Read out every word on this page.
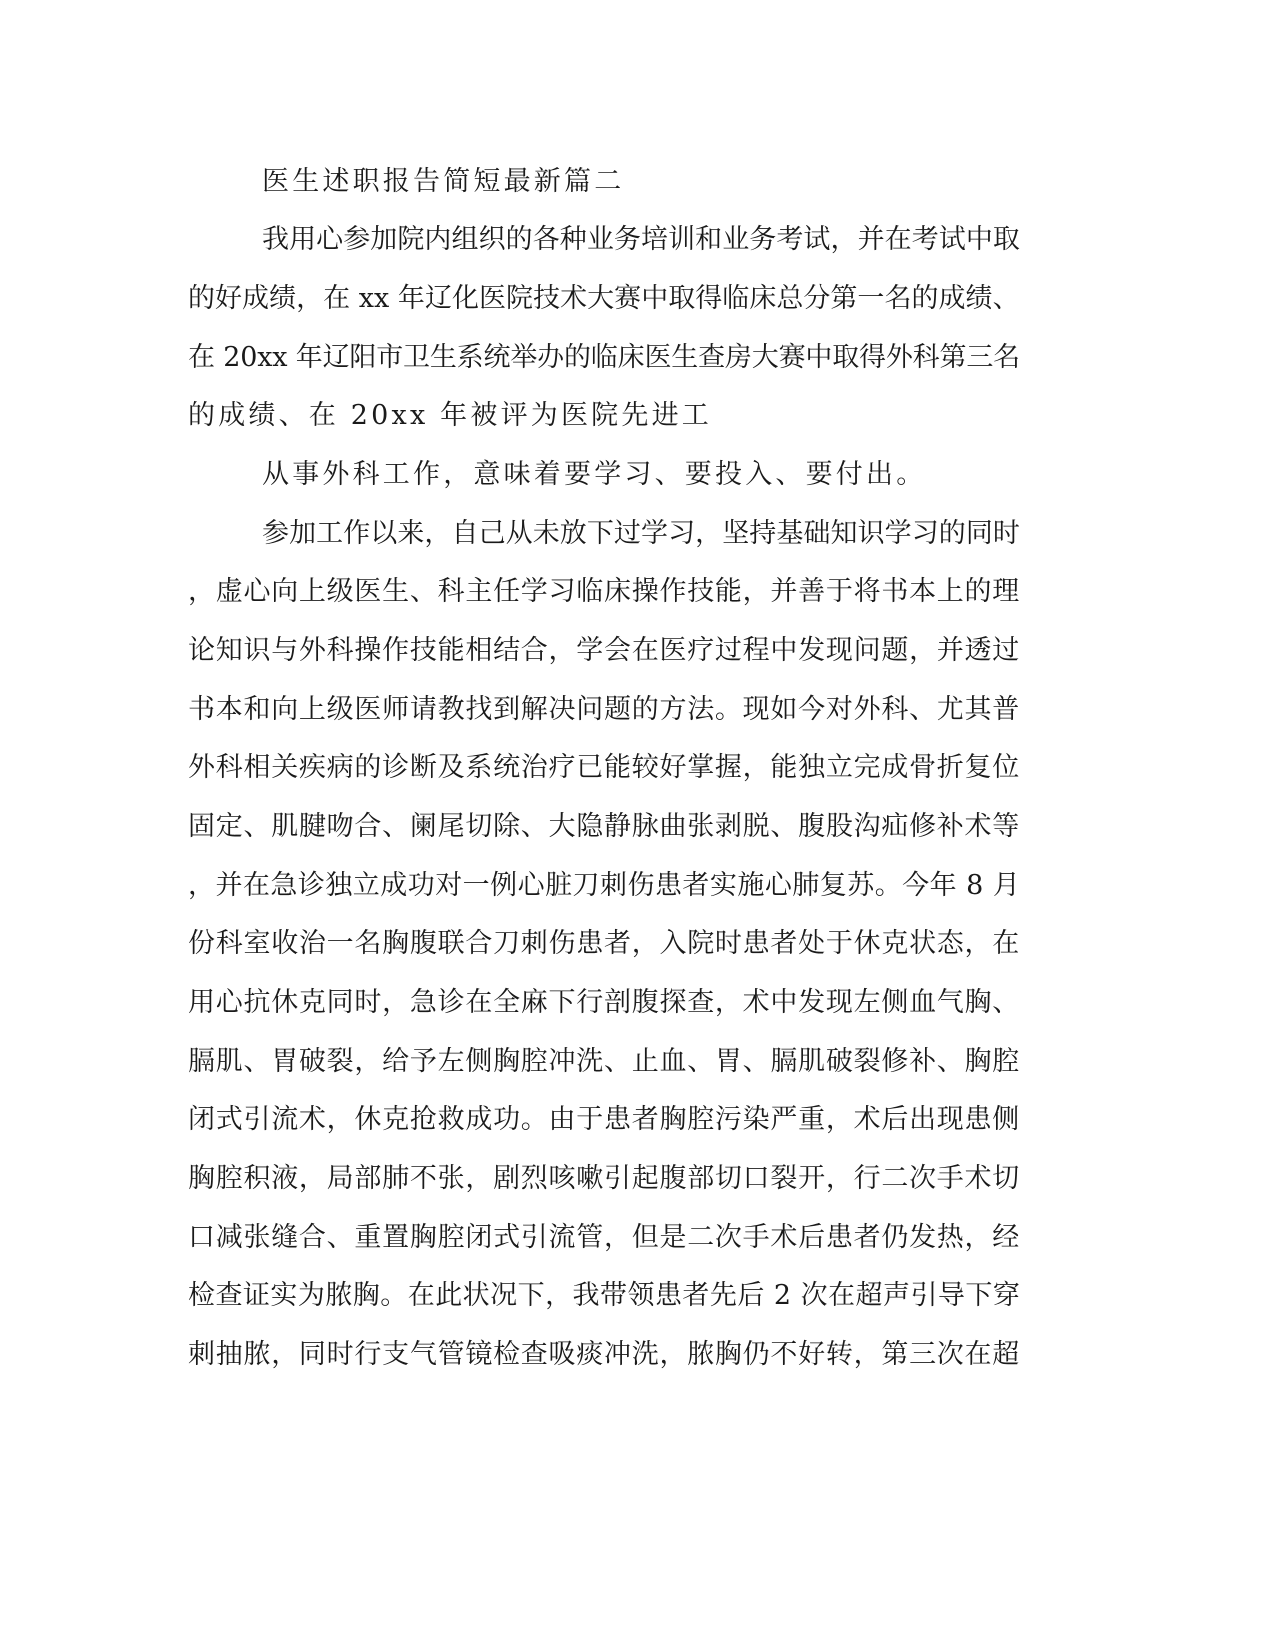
医生述职报告简短最新篇二
我用心参加院内组织的各种业务培训和业务考试，并在考试中取
的好成绩，在 xx 年辽化医院技术大赛中取得临床总分第一名的成绩、
在 20xx 年辽阳市卫生系统举办的临床医生查房大赛中取得外科第三名
的成绩、在 20xx 年被评为医院先进工
从事外科工作，意味着要学习、要投入、要付出。
参加工作以来，自己从未放下过学习，坚持基础知识学习的同时
，虚心向上级医生、科主任学习临床操作技能，并善于将书本上的理
论知识与外科操作技能相结合，学会在医疗过程中发现问题，并透过
书本和向上级医师请教找到解决问题的方法。现如今对外科、尤其普
外科相关疾病的诊断及系统治疗已能较好掌握，能独立完成骨折复位
固定、肌腱吻合、阑尾切除、大隐静脉曲张剥脱、腹股沟疝修补术等
，并在急诊独立成功对一例心脏刀刺伤患者实施心肺复苏。今年 8 月
份科室收治一名胸腹联合刀刺伤患者，入院时患者处于休克状态，在
用心抗休克同时，急诊在全麻下行剖腹探查，术中发现左侧血气胸、
膈肌、胃破裂，给予左侧胸腔冲洗、止血、胃、膈肌破裂修补、胸腔
闭式引流术，休克抢救成功。由于患者胸腔污染严重，术后出现患侧
胸腔积液，局部肺不张，剧烈咳嗽引起腹部切口裂开，行二次手术切
口减张缝合、重置胸腔闭式引流管，但是二次手术后患者仍发热，经
检查证实为脓胸。在此状况下，我带领患者先后 2 次在超声引导下穿
刺抽脓，同时行支气管镜检查吸痰冲洗，脓胸仍不好转，第三次在超
